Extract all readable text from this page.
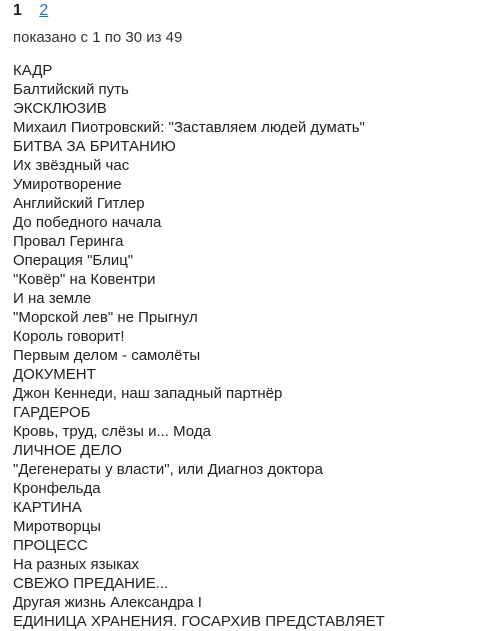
1 2
показано с 1 по 30 из 49
КАДР
Балтийский путь
ЭКСКЛЮЗИВ
Михаил Пиотровский: "Заставляем людей думать"
БИТВА ЗА БРИТАНИЮ
Их звёздный час
Умиротворение
Английский Гитлер
До победного начала
Провал Геринга
Операция "Блиц"
"Ковёр" на Ковентри
И на земле
"Морской лев" не Прыгнул
Король говорит!
Первым делом - самолёты
ДОКУМЕНТ
Джон Кеннеди, наш западный партнёр
ГАРДЕРОБ
Кровь, труд, слёзы и... Мода
ЛИЧНОЕ ДЕЛО
"Дегенераты у власти", или Диагноз доктора
Кронфельда
КАРТИНА
Миротворцы
ПРОЦЕСС
На разных языках
СВЕЖО ПРЕДАНИЕ...
Другая жизнь Александра I
ЕДИНИЦА ХРАНЕНИЯ. ГОСАРХИВ ПРЕДСТАВЛЯЕТ
